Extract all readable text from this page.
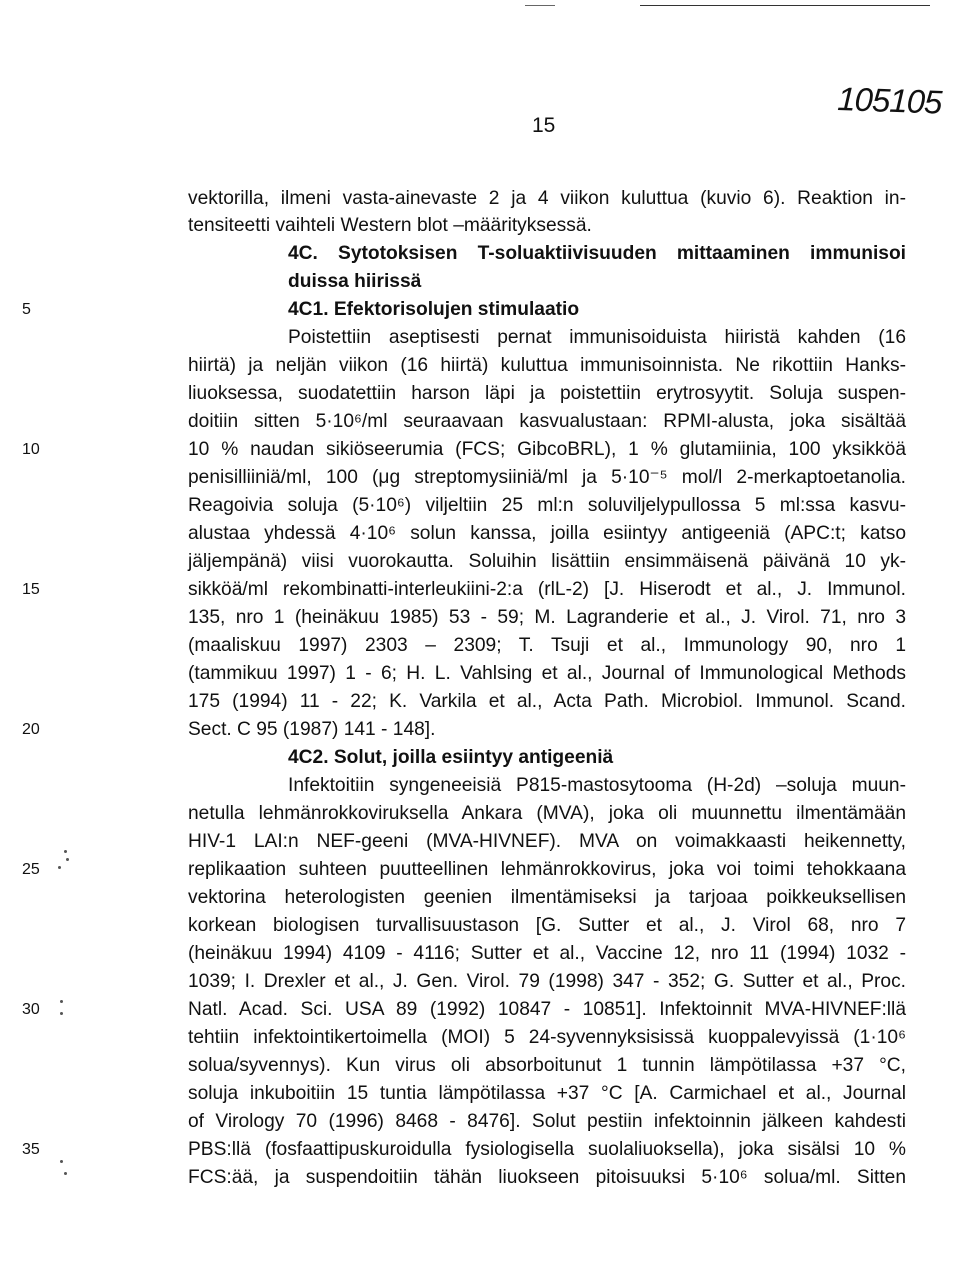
15
105105
vektorilla, ilmeni vasta-ainevaste 2 ja 4 viikon kuluttua (kuvio 6). Reaktion in-
tensiteetti vaihteli Western blot –määrityksessä.
4C. Sytotoksisen T-soluaktiivisuuden mittaaminen immunisoi
duissa hiirissä
4C1. Efektorisolujen stimulaatio
Poistettiin aseptisesti pernat immunisoiduista hiiristä kahden (16
hiirtä) ja neljän viikon (16 hiirtä) kuluttua immunisoinnista. Ne rikottiin Hanks-
liuoksessa, suodatettiin harson läpi ja poistettiin erytrosyytit. Soluja suspen-
doitiin sitten 5·10⁶/ml seuraavaan kasvualustaan: RPMI-alusta, joka sisältää
10 % naudan sikiöseerumia (FCS; GibcoBRL), 1 % glutamiinia, 100 yksikköä
penisilliiniä/ml, 100 (μg streptomysiiniä/ml ja 5·10⁻⁵ mol/l 2-merkaptoetanolia.
Reagoivia soluja (5·10⁶) viljeltiin 25 ml:n soluviljelypullossa 5 ml:ssa kasvu-
alustaa yhdessä 4·10⁶ solun kanssa, joilla esiintyy antigeeniä (APC:t; katso
jäljempänä) viisi vuorokautta. Soluihin lisättiin ensimmäisenä päivänä 10 yk-
sikköä/ml rekombinatti-interleukiini-2:a (rlL-2) [J. Hiserodt et al., J. Immunol.
135, nro 1 (heinäkuu 1985) 53 - 59; M. Lagranderie et al., J. Virol. 71, nro 3
(maaliskuu 1997) 2303 – 2309; T. Tsuji et al., Immunology 90, nro 1
(tammikuu 1997) 1 - 6; H. L. Vahlsing et al., Journal of Immunological Methods
175 (1994) 11 - 22; K. Varkila et al., Acta Path. Microbiol. Immunol. Scand.
Sect. C 95 (1987) 141 - 148].
4C2. Solut, joilla esiintyy antigeeniä
Infektoitiin syngeneeisiä P815-mastosytooma (H-2d) –soluja muun-
netulla lehmänrokkoviruksella Ankara (MVA), joka oli muunnettu ilmentämään
HIV-1 LAI:n NEF-geeni (MVA-HIVNEF). MVA on voimakkaasti heikennetty,
replikaation suhteen puutteellinen lehmänrokkovirus, joka voi toimi tehokkaana
vektorina heterologisten geenien ilmentämiseksi ja tarjoaa poikkeuksellisen
korkean biologisen turvallisuustason [G. Sutter et al., J. Virol 68, nro 7
(heinäkuu 1994) 4109 - 4116; Sutter et al., Vaccine 12, nro 11 (1994) 1032 -
1039; I. Drexler et al., J. Gen. Virol. 79 (1998) 347 - 352; G. Sutter et al., Proc.
Natl. Acad. Sci. USA 89 (1992) 10847 - 10851]. Infektoinnit MVA-HIVNEF:llä
tehtiin infektointikertoimella (MOI) 5 24-syvennyksisissä kuoppalevyissä (1·10⁶
solua/syvennys). Kun virus oli absorboitunut 1 tunnin lämpötilassa +37 °C,
soluja inkuboitiin 15 tuntia lämpötilassa +37 °C [A. Carmichael et al., Journal
of Virology 70 (1996) 8468 - 8476]. Solut pestiin infektoinnin jälkeen kahdesti
PBS:llä (fosfaattipuskuroidulla fysiologisella suolaliuoksella), joka sisälsi 10 %
FCS:ää, ja suspendoitiin tähän liuokseen pitoisuuksi 5·10⁶ solua/ml. Sitten
5
10
15
20
25
30
35
